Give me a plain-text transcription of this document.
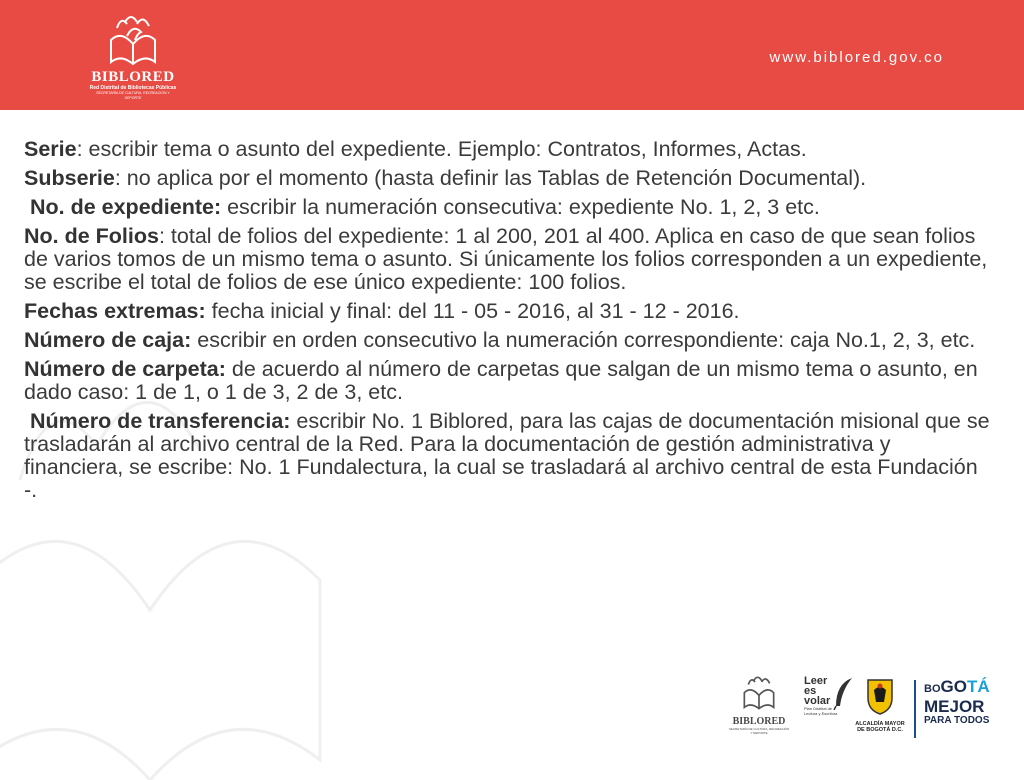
BIBLORED
Red Distrital de Bibliotecas Públicas
SECRETARÍA DE CULTURA, RECREACIÓN Y DEPORTE
www.biblored.gov.co

Serie: escribir tema o asunto del expediente. Ejemplo: Contratos, Informes, Actas.

Subserie: no aplica por el momento (hasta definir las Tablas de Retención Documental).

No. de expediente: escribir la numeración consecutiva: expediente No. 1, 2, 3 etc.

No. de Folios: total de folios del expediente: 1 al 200, 201 al 400. Aplica en caso de que sean folios de varios tomos de un mismo tema o asunto. Si únicamente los folios corresponden a un expediente, se escribe el total de folios de ese único expediente: 100 folios.

Fechas extremas: fecha inicial y final: del 11 - 05 - 2016, al 31 - 12 - 2016.

Número de caja: escribir en orden consecutivo la numeración correspondiente: caja No.1, 2, 3, etc.

Número de carpeta: de acuerdo al número de carpetas que salgan de un mismo tema o asunto, en dado caso: 1 de 1, o 1 de 3, 2 de 3, etc.

Número de transferencia: escribir No. 1 Biblored, para las cajas de documentación misional que se trasladarán al archivo central de la Red. Para la documentación de gestión administrativa y financiera, se escribe: No. 1 Fundalectura, la cual se trasladará al archivo central de esta Fundación -.

BIBLORED
SECRETARÍA DE CULTURA, RECREACIÓN Y DEPORTE
Leer
es
volar
Plan Distrital de Lectura y Escritura
ALCALDÍA MAYOR
DE BOGOTÁ D.C.
BOGOTÁ
MEJOR
PARA TODOS
